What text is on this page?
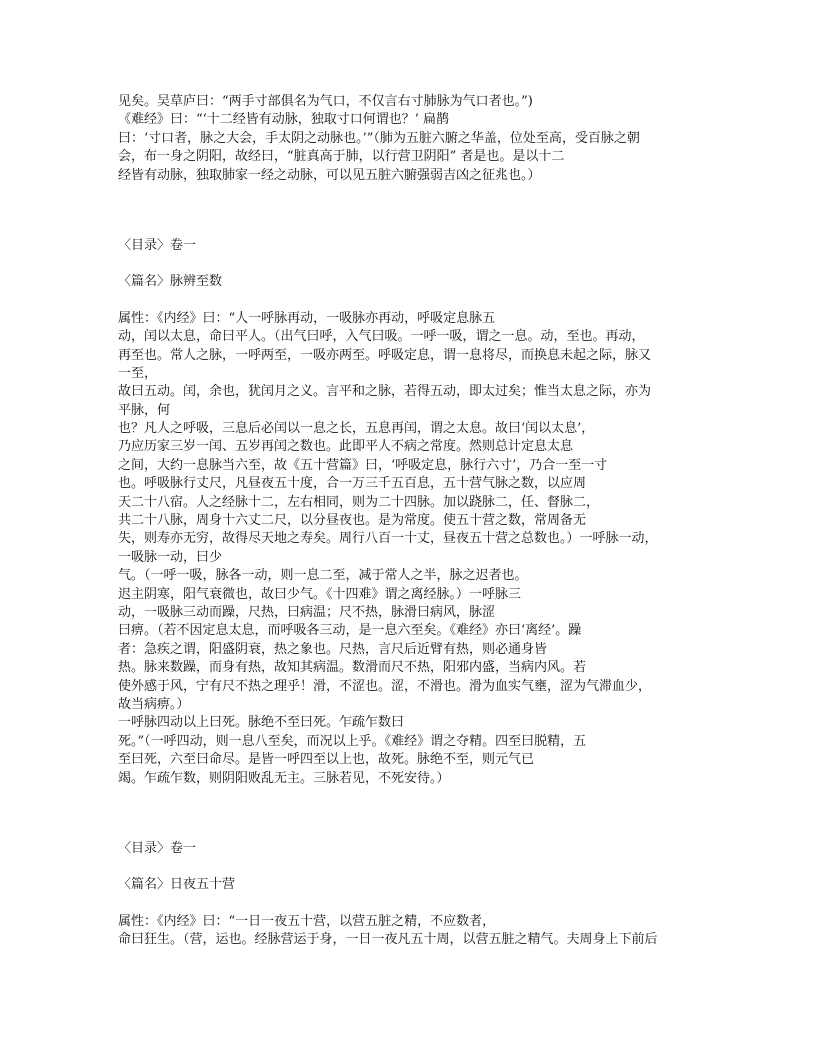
见矣。吴草庐曰：“两手寸部俱名为气口，不仅言右寸肺脉为气口者也。”)
《难经》曰：“‘十二经皆有动脉，独取寸口何谓也？’ 扁鹊
曰：‘寸口者，脉之大会，手太阴之动脉也。’”（肺为五脏六腑之华盖，位处至高，受百脉之朝
会，布一身之阴阳，故经曰，“脏真高于肺，以行营卫阴阳” 者是也。是以十二
经皆有动脉，独取肺家一经之动脉，可以见五脏六腑强弱吉凶之征兆也。）
〈目录〉卷一
〈篇名〉脉辨至数
属性：《内经》曰：“人一呼脉再动，一吸脉亦再动，呼吸定息脉五
动，闰以太息，命曰平人。（出气曰呼，入气曰吸。一呼一吸，谓之一息。动，至也。再动，
再至也。常人之脉，一呼两至，一吸亦两至。呼吸定息，谓一息将尽，而换息未起之际，脉又
一至，
故曰五动。闰，余也，犹闰月之义。言平和之脉，若得五动，即太过矣；惟当太息之际，亦为
平脉，何
也？凡人之呼吸，三息后必闰以一息之长，五息再闰，谓之太息。故曰‘闰以太息’，
乃应历家三岁一闰、五岁再闰之数也。此即平人不病之常度。然则总计定息太息
之间，大约一息脉当六至，故《五十营篇》曰，‘呼吸定息，脉行六寸’，乃合一至一寸
也。呼吸脉行丈尺，凡昼夜五十度，合一万三千五百息，五十营气脉之数，以应周
天二十八宿。人之经脉十二，左右相同，则为二十四脉。加以跷脉二，任、督脉二，
共二十八脉，周身十六丈二尺，以分昼夜也。是为常度。使五十营之数，常周备无
失，则寿亦无穷，故得尽天地之寿矣。周行八百一十丈，昼夜五十营之总数也。）一呼脉一动，
一吸脉一动，曰少
气。（一呼一吸，脉各一动，则一息二至，减于常人之半，脉之迟者也。
迟主阴寒，阳气衰微也，故曰少气。《十四难》谓之离经脉。）一呼脉三
动，一吸脉三动而躁，尺热，曰病温；尺不热，脉滑曰病风，脉涩
曰痹。（若不因定息太息，而呼吸各三动，是一息六至矣。《难经》亦曰‘离经’。躁
者：急疾之谓，阳盛阴衰，热之象也。尺热，言尺后近臂有热，则必通身皆
热。脉来数躁，而身有热，故知其病温。数滑而尺不热，阳邪内盛，当病内风。若
使外感于风，宁有尺不热之理乎！滑，不涩也。涩，不滑也。滑为血实气壅，涩为气滞血少，
故当病痹。）
一呼脉四动以上曰死。脉绝不至曰死。乍疏乍数曰
死。”（一呼四动，则一息八至矣，而况以上乎。《难经》谓之夺精。四至曰脱精，五
至曰死，六至曰命尽。是皆一呼四至以上也，故死。脉绝不至，则元气已
竭。乍疏乍数，则阴阳败乱无主。三脉若见，不死安待。）
〈目录〉卷一
〈篇名〉日夜五十营
属性：《内经》曰：“一日一夜五十营，以营五脏之精，不应数者，
命曰狂生。（营，运也。经脉营运于身，一日一夜凡五十周，以营五脏之精气。夫周身上下前后
